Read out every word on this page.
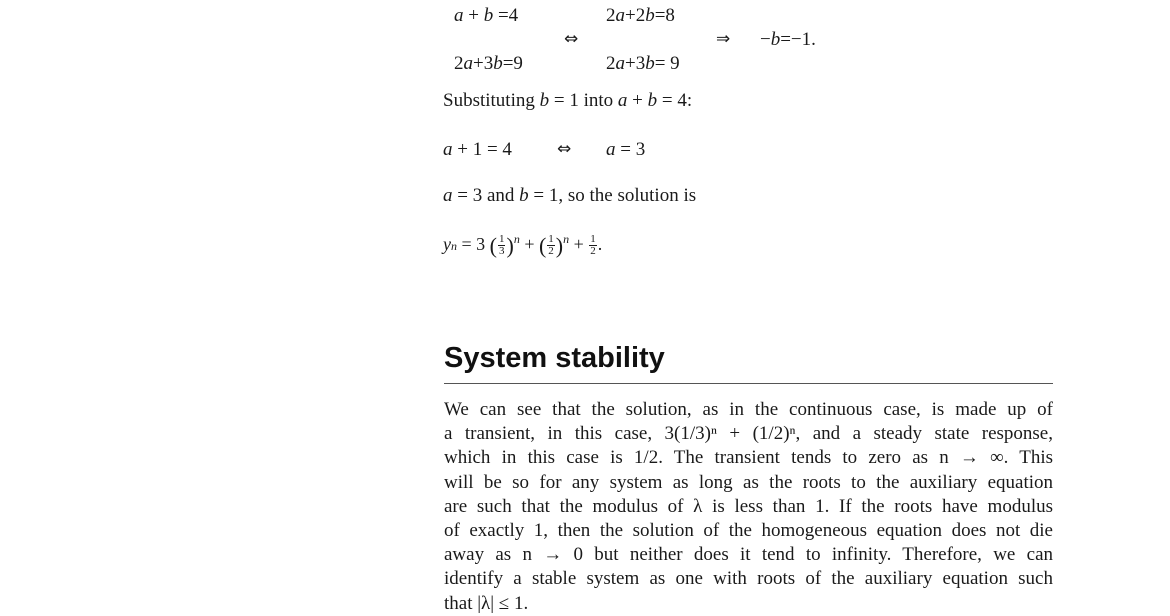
a + b =4
2a+3b=9
⇔
2a+2b=8
2a+3b= 9
⇒ −b=−1.
Substituting b = 1 into a + b = 4:
a + 1 = 4	⇔ a = 3
a = 3 and b = 1, so the solution is
yn = 3 ( $\frac{1}{3} )^n$ + ( $\frac{1}{2} )^n + \frac{1}{2}$ .
System stability
We can see that the solution, as in the continuous case, is made up of
a transient, in this case, 3(1/3)ⁿ + (1/2)ⁿ, and a steady state response,
which in this case is 1/2. The transient tends to zero as n → ∞. This
will be so for any system as long as the roots to the auxiliary equation
are such that the modulus of λ is less than 1. If the roots have modulus
of exactly 1, then the solution of the homogeneous equation does not die
away as n → 0 but neither does it tend to infinity. Therefore, we can
identify a stable system as one with roots of the auxiliary equation such
that |λ| ≤ 1.
